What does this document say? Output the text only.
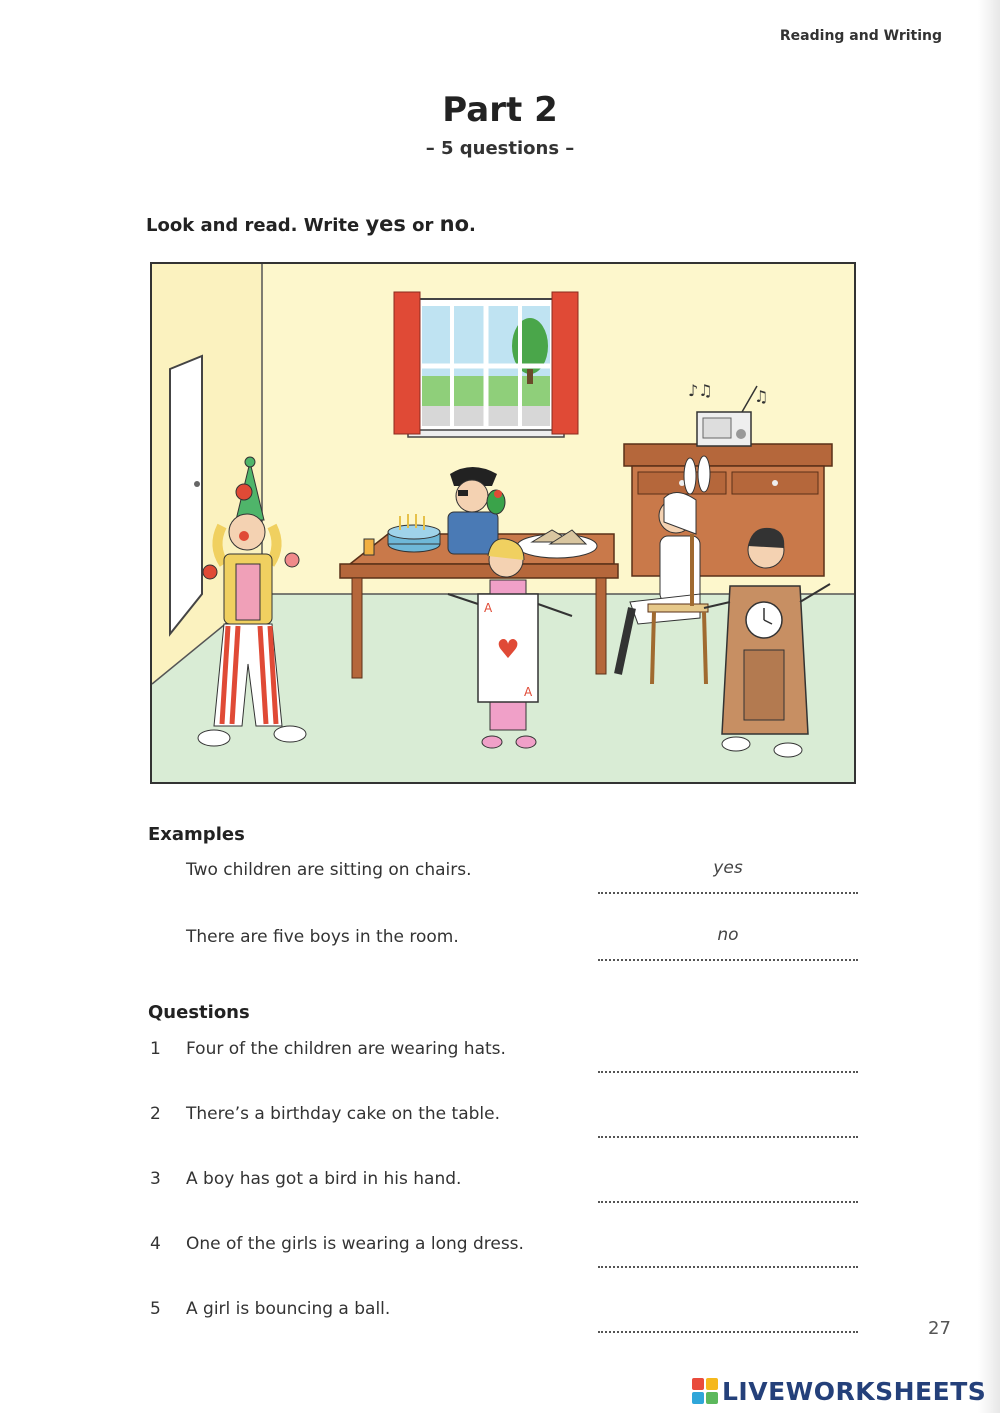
Reading and Writing
Part 2
– 5 questions –
Look and read. Write yes or no.
♪♫	♫
♥
A
A
Examples
Two children are sitting on chairs.	yes
There are five boys in the room.	no
Questions
1 Four of the children are wearing hats.
2 There’s a birthday cake on the table.
3 A boy has got a bird in his hand.
4 One of the girls is wearing a long dress.
5 A girl is bouncing a ball.
27
LIVEWORKSHEETS
